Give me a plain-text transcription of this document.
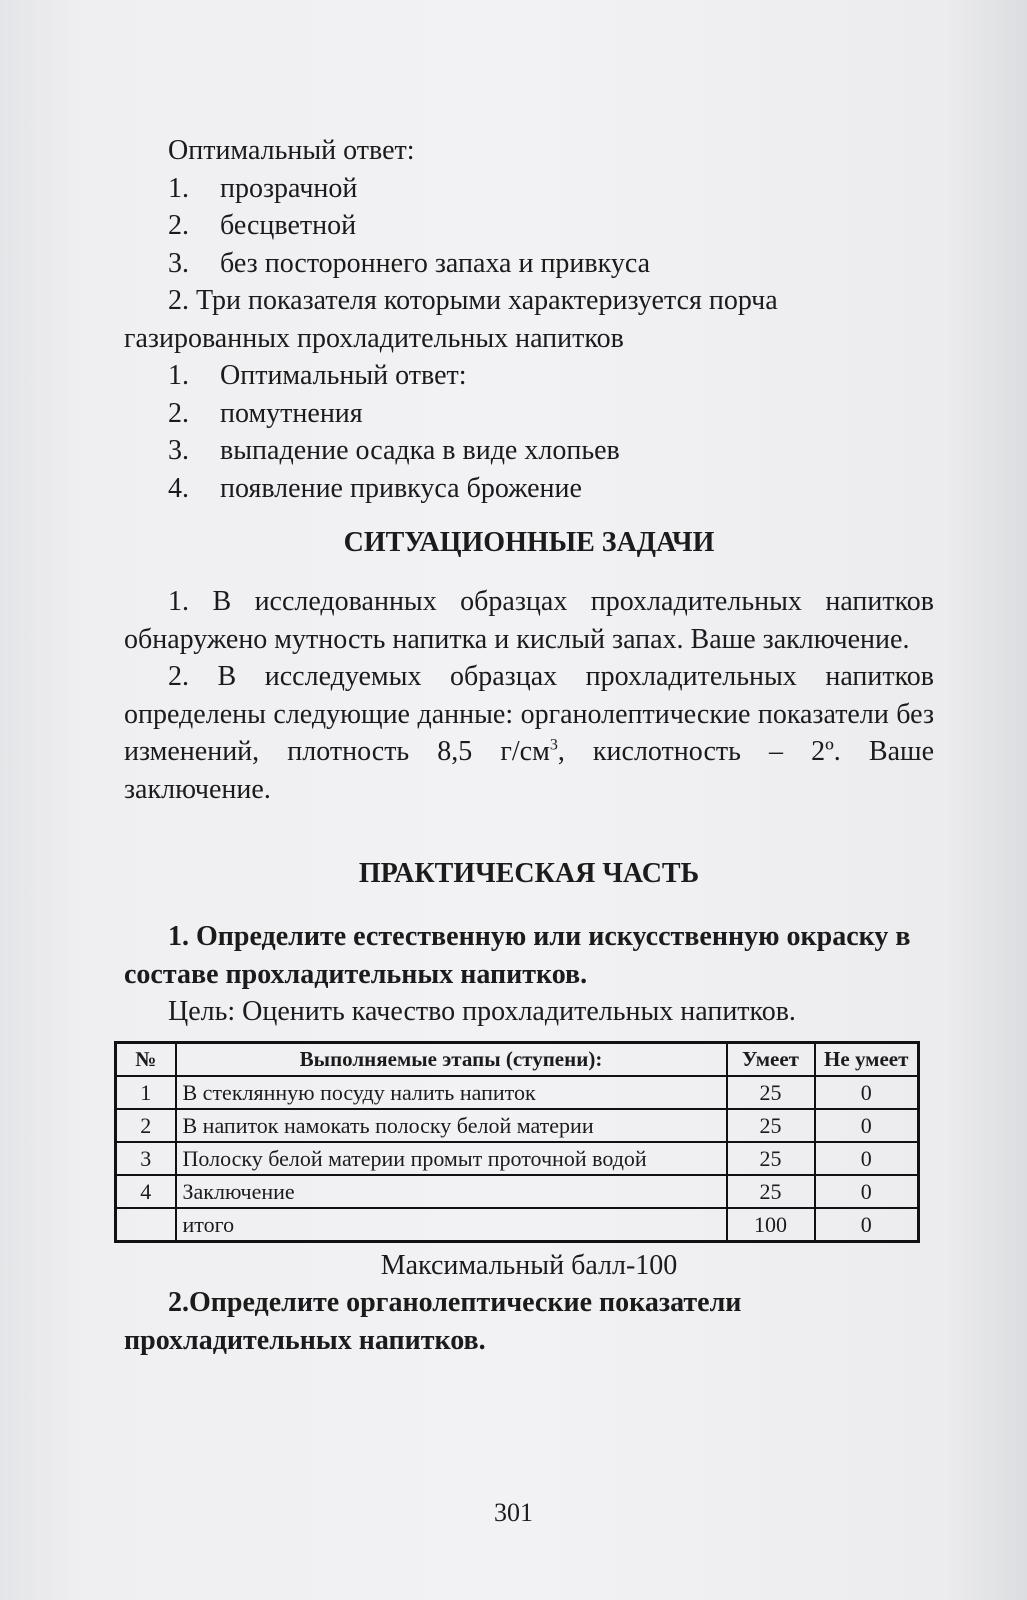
Оптимальный ответ:

1.	прозрачной
2.	бесцветной
3.	без постороннего запаха и привкуса

2. Три показателя которыми характеризуется порча газированных прохладительных напитков

1.	Оптимальный ответ:
2.	помутнения
3.	выпадение осадка в виде хлопьев
4.	появление привкуса брожение
СИТУАЦИОННЫЕ ЗАДАЧИ

1. В исследованных образцах прохладительных напитков обнаружено мутность напитка и кислый запах. Ваше заключение.

2. В исследуемых образцах прохладительных напитков определены следующие данные: органолептические показатели без изменений, плотность 8,5 $г/см^3$, кислотность – 2º. Ваше заключение.

ПРАКТИЧЕСКАЯ ЧАСТЬ

1. Определите естественную или искусственную окраску в составе прохладительных напитков.

Цель: Оценить качество прохладительных напитков.

№	Выполняемые этапы (ступени):	Умеет	Не умеет
1	В стеклянную посуду налить напиток	25	0
2	В напиток намокать полоску белой материи	25	0
3	Полоску белой материи промыт проточной водой	25	0
4	Заключение	25	0
	итого	100	0

Максимальный балл-100

2.Определите органолептические показатели прохладительных напитков.

301
